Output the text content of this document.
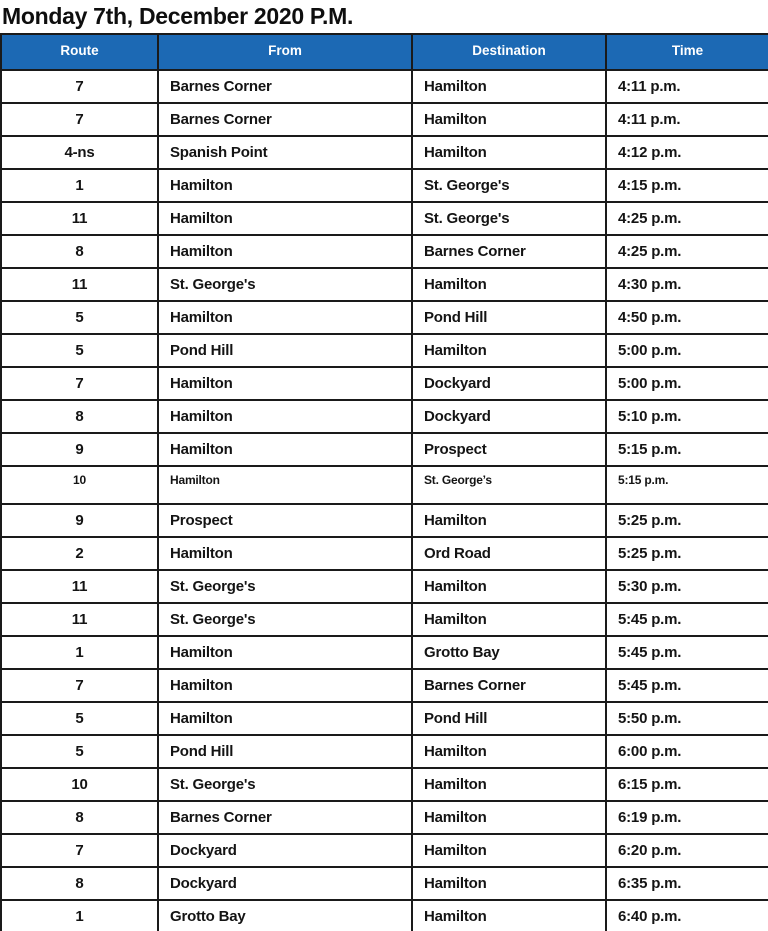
Monday 7th, December 2020 P.M.
Route	From	Destination	Time
7	Barnes Corner	Hamilton	4:11 p.m.
7	Barnes Corner	Hamilton	4:11 p.m.
4-ns	Spanish Point	Hamilton	4:12 p.m.
1	Hamilton	St. George's	4:15 p.m.
11	Hamilton	St. George's	4:25 p.m.
8	Hamilton	Barnes Corner	4:25 p.m.
11	St. George's	Hamilton	4:30 p.m.
5	Hamilton	Pond Hill	4:50 p.m.
5	Pond Hill	Hamilton	5:00 p.m.
7	Hamilton	Dockyard	5:00 p.m.
8	Hamilton	Dockyard	5:10 p.m.
9	Hamilton	Prospect	5:15 p.m.
10	Hamilton	St. George’s	5:15 p.m.
9	Prospect	Hamilton	5:25 p.m.
2	Hamilton	Ord Road	5:25 p.m.
11	St. George's	Hamilton	5:30 p.m.
11	St. George's	Hamilton	5:45 p.m.
1	Hamilton	Grotto Bay	5:45 p.m.
7	Hamilton	Barnes Corner	5:45 p.m.
5	Hamilton	Pond Hill	5:50 p.m.
5	Pond Hill	Hamilton	6:00 p.m.
10	St. George's	Hamilton	6:15 p.m.
8	Barnes Corner	Hamilton	6:19 p.m.
7	Dockyard	Hamilton	6:20 p.m.
8	Dockyard	Hamilton	6:35 p.m.
1	Grotto Bay	Hamilton	6:40 p.m.
